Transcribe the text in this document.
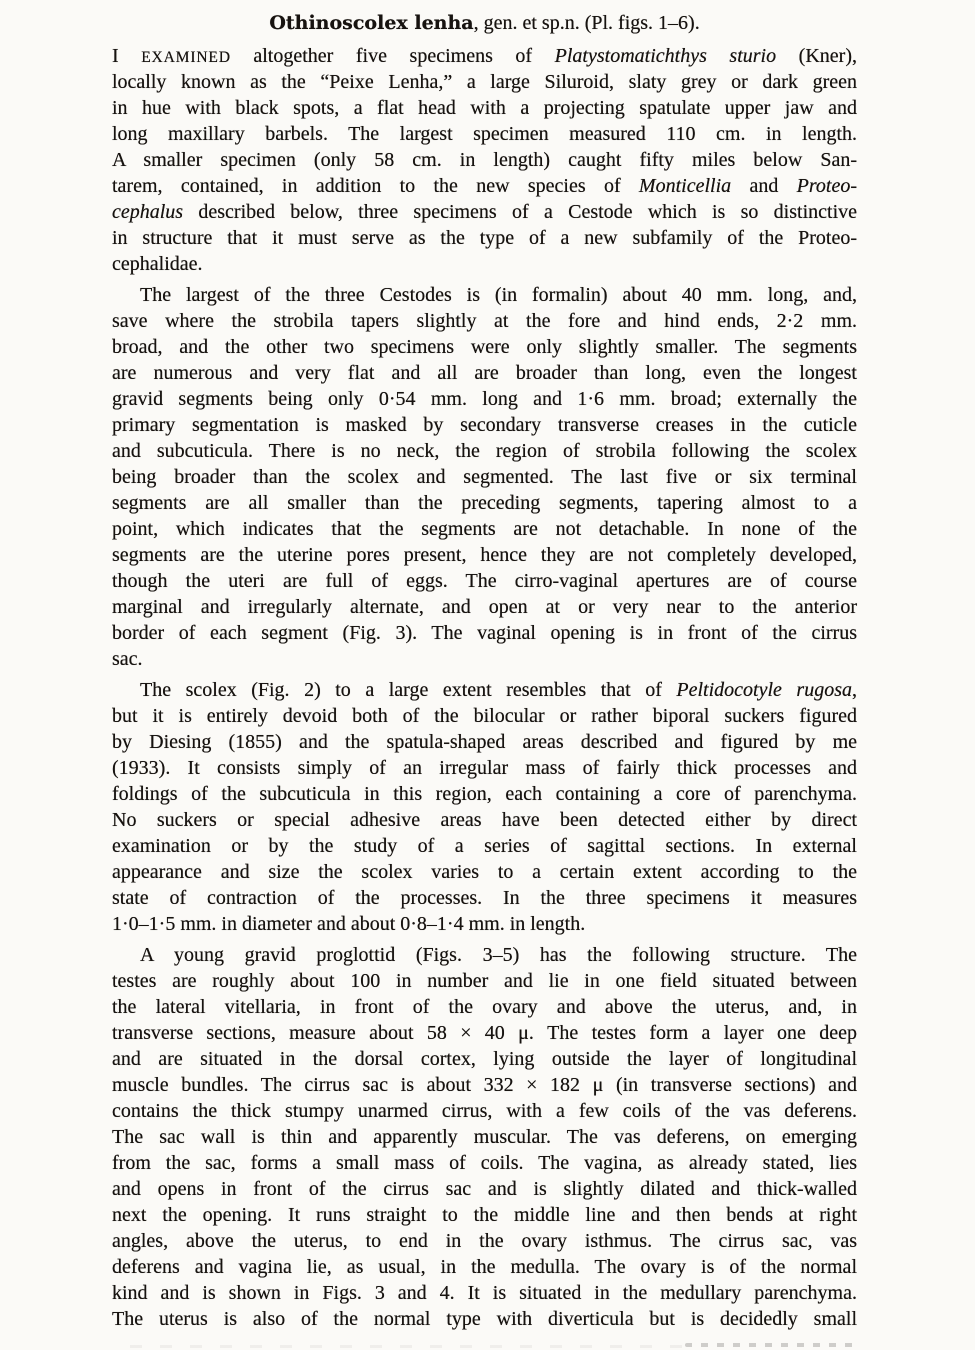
Othinoscolex lenha, gen. et sp.n. (Pl. figs. 1–6).
I EXAMINED altogether five specimens of Platystomatichthys sturio (Kner),
locally known as the “Peixe Lenha,” a large Siluroid, slaty grey or dark green
in hue with black spots, a flat head with a projecting spatulate upper jaw and
long maxillary barbels. The largest specimen measured 110 cm. in length.
A smaller specimen (only 58 cm. in length) caught fifty miles below San-
tarem, contained, in addition to the new species of Monticellia and Proteo-
cephalus described below, three specimens of a Cestode which is so distinctive
in structure that it must serve as the type of a new subfamily of the Proteo-
cephalidae.
The largest of the three Cestodes is (in formalin) about 40 mm. long, and,
save where the strobila tapers slightly at the fore and hind ends, 2·2 mm.
broad, and the other two specimens were only slightly smaller. The segments
are numerous and very flat and all are broader than long, even the longest
gravid segments being only 0·54 mm. long and 1·6 mm. broad; externally the
primary segmentation is masked by secondary transverse creases in the cuticle
and subcuticula. There is no neck, the region of strobila following the scolex
being broader than the scolex and segmented. The last five or six terminal
segments are all smaller than the preceding segments, tapering almost to a
point, which indicates that the segments are not detachable. In none of the
segments are the uterine pores present, hence they are not completely developed,
though the uteri are full of eggs. The cirro-vaginal apertures are of course
marginal and irregularly alternate, and open at or very near to the anterior
border of each segment (Fig. 3). The vaginal opening is in front of the cirrus
sac.
The scolex (Fig. 2) to a large extent resembles that of Peltidocotyle rugosa,
but it is entirely devoid both of the bilocular or rather biporal suckers figured
by Diesing (1855) and the spatula-shaped areas described and figured by me
(1933). It consists simply of an irregular mass of fairly thick processes and
foldings of the subcuticula in this region, each containing a core of parenchyma.
No suckers or special adhesive areas have been detected either by direct
examination or by the study of a series of sagittal sections. In external
appearance and size the scolex varies to a certain extent according to the
state of contraction of the processes. In the three specimens it measures
1·0–1·5 mm. in diameter and about 0·8–1·4 mm. in length.
A young gravid proglottid (Figs. 3–5) has the following structure. The
testes are roughly about 100 in number and lie in one field situated between
the lateral vitellaria, in front of the ovary and above the uterus, and, in
transverse sections, measure about 58 × 40 μ. The testes form a layer one deep
and are situated in the dorsal cortex, lying outside the layer of longitudinal
muscle bundles. The cirrus sac is about 332 × 182 μ (in transverse sections) and
contains the thick stumpy unarmed cirrus, with a few coils of the vas deferens.
The sac wall is thin and apparently muscular. The vas deferens, on emerging
from the sac, forms a small mass of coils. The vagina, as already stated, lies
and opens in front of the cirrus sac and is slightly dilated and thick-walled
next the opening. It runs straight to the middle line and then bends at right
angles, above the uterus, to end in the ovary isthmus. The cirrus sac, vas
deferens and vagina lie, as usual, in the medulla. The ovary is of the normal
kind and is shown in Figs. 3 and 4. It is situated in the medullary parenchyma.
The uterus is also of the normal type with diverticula but is decidedly small
